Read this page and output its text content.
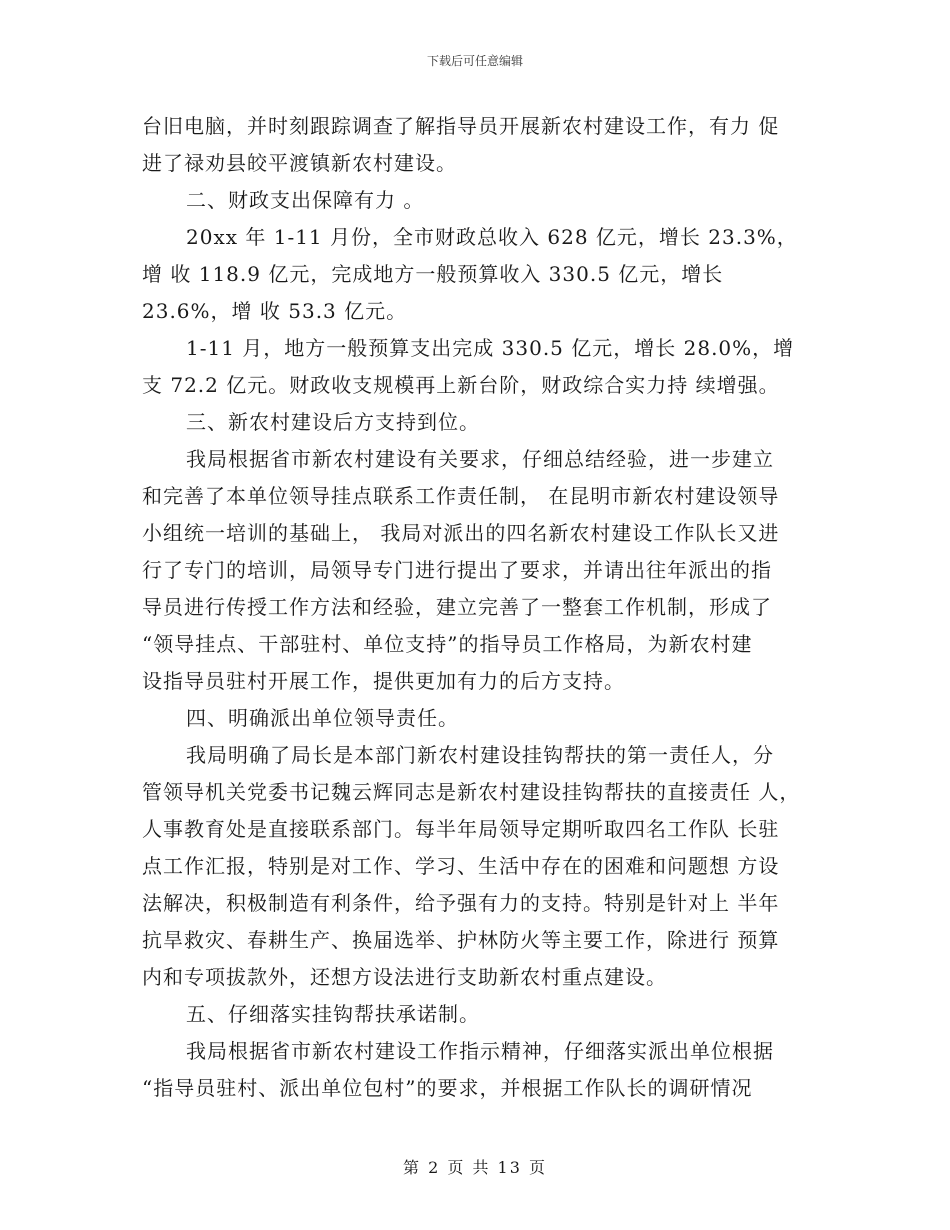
下载后可任意编辑
台旧电脑，并时刻跟踪调查了解指导员开展新农村建设工作，有力 促
进了禄劝县皎平渡镇新农村建设。
二、财政支出保障有力 。
20xx 年 1-11 月份，全市财政总收入 628 亿元，增长 23.3%，
增 收 118.9 亿元，完成地方一般预算收入 330.5 亿元，增长
23.6%，增 收 53.3 亿元。
1-11 月，地方一般预算支出完成 330.5 亿元，增长 28.0%，增
支 72.2 亿元。财政收支规模再上新台阶，财政综合实力持 续增强。
三、新农村建设后方支持到位。
我局根据省市新农村建设有关要求，仔细总结经验，进一步建立
和完善了本单位领导挂点联系工作责任制， 在昆明市新农村建设领导
小组统一培训的基础上， 我局对派出的四名新农村建设工作队长又进
行了专门的培训，局领导专门进行提出了要求，并请出往年派出的指
导员进行传授工作方法和经验，建立完善了一整套工作机制，形成了
“领导挂点、干部驻村、单位支持”的指导员工作格局，为新农村建
设指导员驻村开展工作，提供更加有力的后方支持。
四、明确派出单位领导责任。
我局明确了局长是本部门新农村建设挂钩帮扶的第一责任人，分
管领导机关党委书记魏云辉同志是新农村建设挂钩帮扶的直接责任 人，
人事教育处是直接联系部门。每半年局领导定期听取四名工作队 长驻
点工作汇报，特别是对工作、学习、生活中存在的困难和问题想 方设
法解决，积极制造有利条件，给予强有力的支持。特别是针对上 半年
抗旱救灾、春耕生产、换届选举、护林防火等主要工作，除进行 预算
内和专项拔款外，还想方设法进行支助新农村重点建设。
五、仔细落实挂钩帮扶承诺制。
我局根据省市新农村建设工作指示精神，仔细落实派出单位根据
“指导员驻村、派出单位包村”的要求，并根据工作队长的调研情况
第 2 页 共 13 页
